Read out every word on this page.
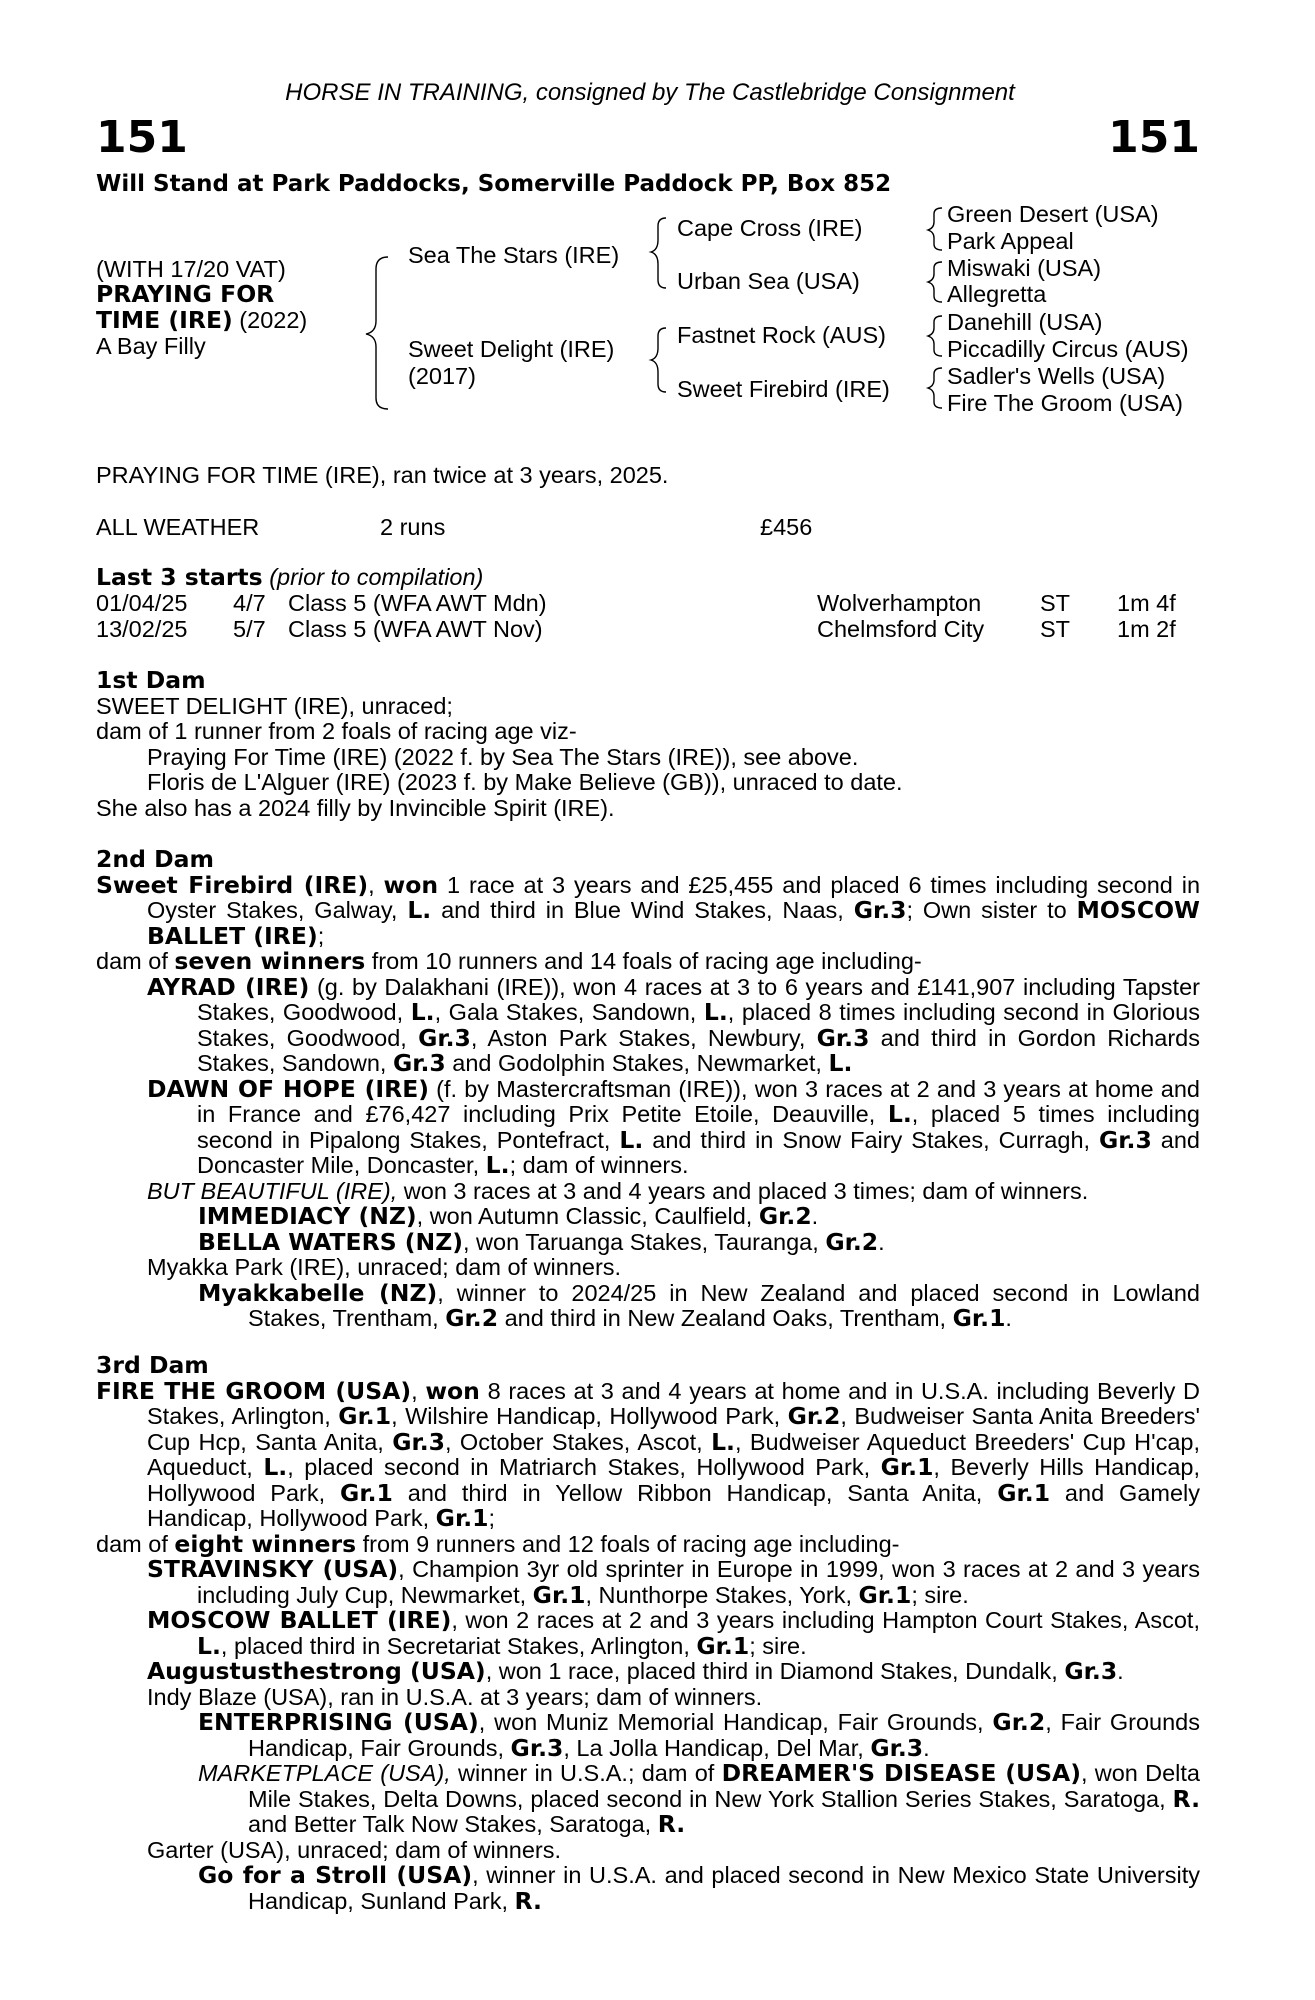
HORSE IN TRAINING, consigned by The Castlebridge Consignment
151	151
Will Stand at Park Paddocks, Somerville Paddock PP, Box 852
(WITH 17/20 VAT)
PRAYING FOR
TIME (IRE) (2022)
A Bay Filly
Sea The Stars (IRE)
Sweet Delight (IRE)
(2017)
Cape Cross (IRE)
Urban Sea (USA)
Fastnet Rock (AUS)
Sweet Firebird (IRE)
Green Desert (USA)
Park Appeal
Miswaki (USA)
Allegretta
Danehill (USA)
Piccadilly Circus (AUS)
Sadler's Wells (USA)
Fire The Groom (USA)
PRAYING FOR TIME (IRE), ran twice at 3 years, 2025.
ALL WEATHER	2 runs	£456
Last 3 starts (prior to compilation)
01/04/25 4/7 Class 5 (WFA AWT Mdn)	Wolverhampton	ST 1m 4f
13/02/25 5/7 Class 5 (WFA AWT Nov)	Chelmsford City ST 1m 2f
1st Dam
SWEET DELIGHT (IRE), unraced;
dam of 1 runner from 2 foals of racing age viz-
Praying For Time (IRE) (2022 f. by Sea The Stars (IRE)), see above.
Floris de L'Alguer (IRE) (2023 f. by Make Believe (GB)), unraced to date.
She also has a 2024 filly by Invincible Spirit (IRE).
2nd Dam
Sweet Firebird (IRE), won 1 race at 3 years and £25,455 and placed 6 times including second in Oyster Stakes, Galway, L. and third in Blue Wind Stakes, Naas, Gr.3; Own sister to MOSCOW BALLET (IRE);
dam of seven winners from 10 runners and 14 foals of racing age including-
AYRAD (IRE) (g. by Dalakhani (IRE)), won 4 races at 3 to 6 years and £141,907 including Tapster Stakes, Goodwood, L., Gala Stakes, Sandown, L., placed 8 times including second in Glorious Stakes, Goodwood, Gr.3, Aston Park Stakes, Newbury, Gr.3 and third in Gordon Richards Stakes, Sandown, Gr.3 and Godolphin Stakes, Newmarket, L.
DAWN OF HOPE (IRE) (f. by Mastercraftsman (IRE)), won 3 races at 2 and 3 years at home and in France and £76,427 including Prix Petite Etoile, Deauville, L., placed 5 times including second in Pipalong Stakes, Pontefract, L. and third in Snow Fairy Stakes, Curragh, Gr.3 and Doncaster Mile, Doncaster, L.; dam of winners.
BUT BEAUTIFUL (IRE), won 3 races at 3 and 4 years and placed 3 times; dam of winners.
IMMEDIACY (NZ), won Autumn Classic, Caulfield, Gr.2.
BELLA WATERS (NZ), won Taruanga Stakes, Tauranga, Gr.2.
Myakka Park (IRE), unraced; dam of winners.
Myakkabelle (NZ), winner to 2024/25 in New Zealand and placed second in Lowland Stakes, Trentham, Gr.2 and third in New Zealand Oaks, Trentham, Gr.1.
3rd Dam
FIRE THE GROOM (USA), won 8 races at 3 and 4 years at home and in U.S.A. including Beverly D Stakes, Arlington, Gr.1, Wilshire Handicap, Hollywood Park, Gr.2, Budweiser Santa Anita Breeders' Cup Hcp, Santa Anita, Gr.3, October Stakes, Ascot, L., Budweiser Aqueduct Breeders' Cup H'cap, Aqueduct, L., placed second in Matriarch Stakes, Hollywood Park, Gr.1, Beverly Hills Handicap, Hollywood Park, Gr.1 and third in Yellow Ribbon Handicap, Santa Anita, Gr.1 and Gamely Handicap, Hollywood Park, Gr.1;
dam of eight winners from 9 runners and 12 foals of racing age including-
STRAVINSKY (USA), Champion 3yr old sprinter in Europe in 1999, won 3 races at 2 and 3 years including July Cup, Newmarket, Gr.1, Nunthorpe Stakes, York, Gr.1; sire.
MOSCOW BALLET (IRE), won 2 races at 2 and 3 years including Hampton Court Stakes, Ascot, L., placed third in Secretariat Stakes, Arlington, Gr.1; sire.
Augustusthestrong (USA), won 1 race, placed third in Diamond Stakes, Dundalk, Gr.3.
Indy Blaze (USA), ran in U.S.A. at 3 years; dam of winners.
ENTERPRISING (USA), won Muniz Memorial Handicap, Fair Grounds, Gr.2, Fair Grounds Handicap, Fair Grounds, Gr.3, La Jolla Handicap, Del Mar, Gr.3.
MARKETPLACE (USA), winner in U.S.A.; dam of DREAMER'S DISEASE (USA), won Delta Mile Stakes, Delta Downs, placed second in New York Stallion Series Stakes, Saratoga, R. and Better Talk Now Stakes, Saratoga, R.
Garter (USA), unraced; dam of winners.
Go for a Stroll (USA), winner in U.S.A. and placed second in New Mexico State University Handicap, Sunland Park, R.
